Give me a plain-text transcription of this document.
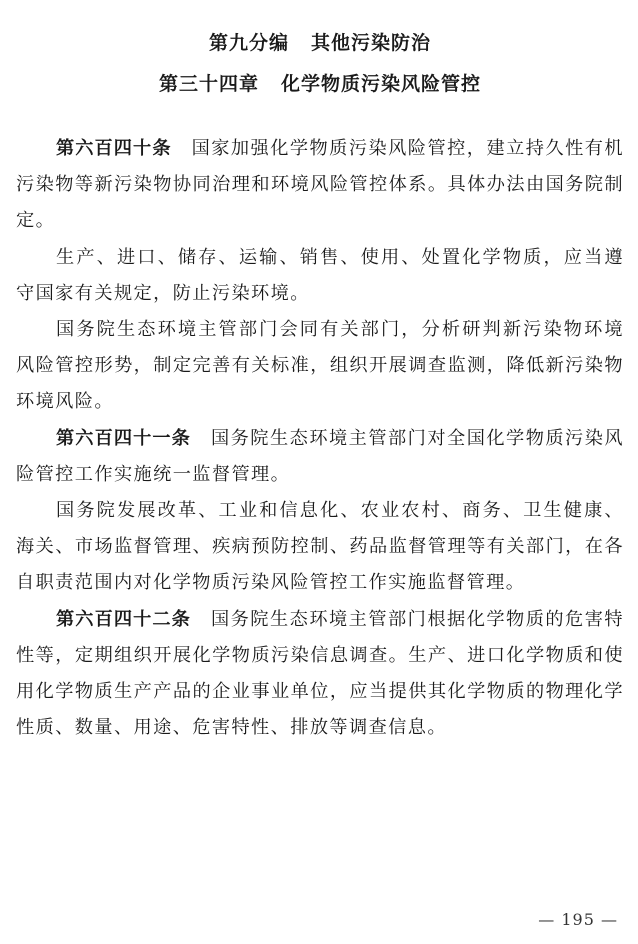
第九分编 其他污染防治
第三十四章 化学物质污染风险管控

第六百四十条 国家加强化学物质污染风险管控，建立持久性有机污染物等新污染物协同治理和环境风险管控体系。具体办法由国务院制定。

生产、进口、储存、运输、销售、使用、处置化学物质，应当遵守国家有关规定，防止污染环境。

国务院生态环境主管部门会同有关部门，分析研判新污染物环境风险管控形势，制定完善有关标准，组织开展调查监测，降低新污染物环境风险。

第六百四十一条 国务院生态环境主管部门对全国化学物质污染风险管控工作实施统一监督管理。

国务院发展改革、工业和信息化、农业农村、商务、卫生健康、海关、市场监督管理、疾病预防控制、药品监督管理等有关部门，在各自职责范围内对化学物质污染风险管控工作实施监督管理。

第六百四十二条 国务院生态环境主管部门根据化学物质的危害特性等，定期组织开展化学物质污染信息调查。生产、进口化学物质和使用化学物质生产产品的企业事业单位，应当提供其化学物质的物理化学性质、数量、用途、危害特性、排放等调查信息。

— 195 —
